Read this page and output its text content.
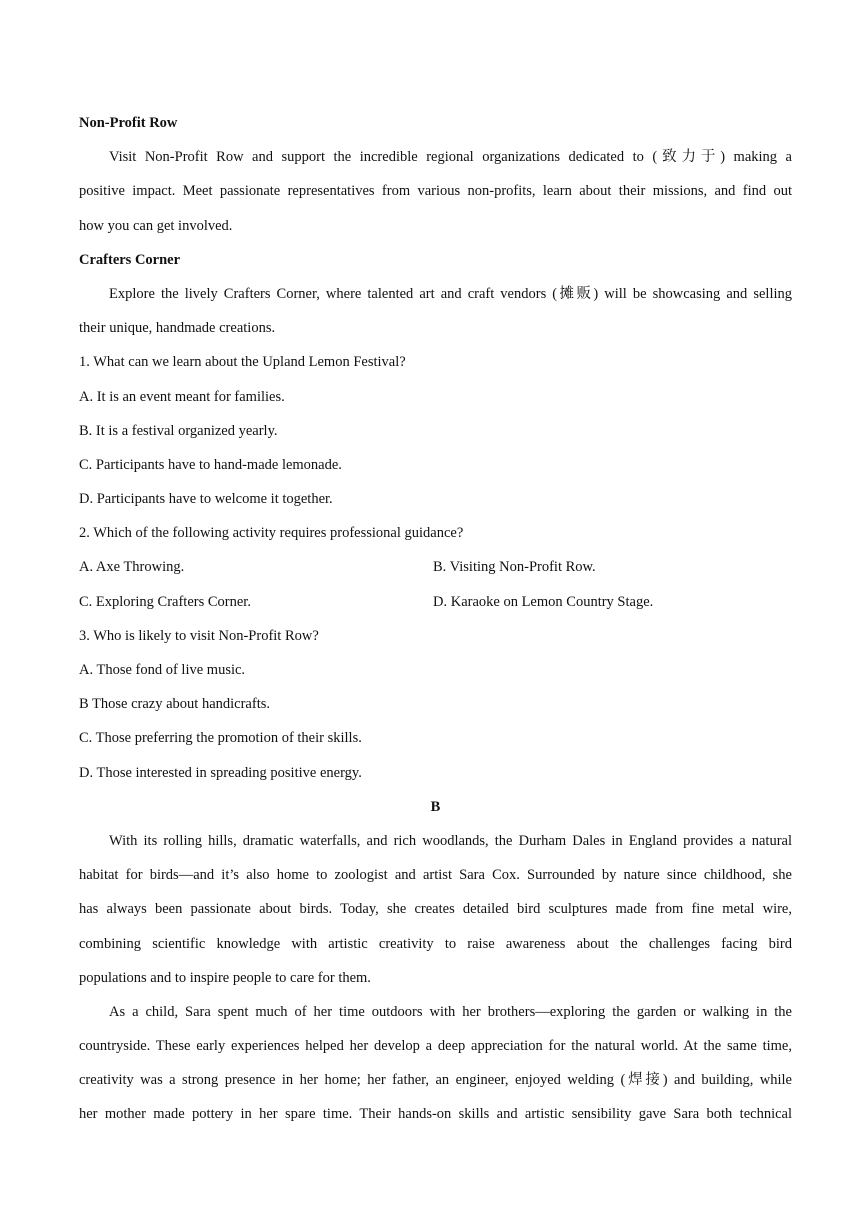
Non-Profit Row
Visit Non-Profit Row and support the incredible regional organizations dedicated to (致力于) making a
positive impact. Meet passionate representatives from various non-profits, learn about their missions, and find out
how you can get involved.
Crafters Corner
Explore the lively Crafters Corner, where talented art and craft vendors (摊贩) will be showcasing and selling
their unique, handmade creations.
1. What can we learn about the Upland Lemon Festival?
A. It is an event meant for families.
B. It is a festival organized yearly.
C. Participants have to hand-made lemonade.
D. Participants have to welcome it together.
2. Which of the following activity requires professional guidance?
A. Axe Throwing.	B. Visiting Non-Profit Row.
C. Exploring Crafters Corner.	D. Karaoke on Lemon Country Stage.
3. Who is likely to visit Non-Profit Row?
A. Those fond of live music.
B Those crazy about handicrafts.
C. Those preferring the promotion of their skills.
D. Those interested in spreading positive energy.
B
With its rolling hills, dramatic waterfalls, and rich woodlands, the Durham Dales in England provides a natural
habitat for birds—and it’s also home to zoologist and artist Sara Cox. Surrounded by nature since childhood, she
has always been passionate about birds. Today, she creates detailed bird sculptures made from fine metal wire,
combining scientific knowledge with artistic creativity to raise awareness about the challenges facing bird
populations and to inspire people to care for them.
As a child, Sara spent much of her time outdoors with her brothers—exploring the garden or walking in the
countryside. These early experiences helped her develop a deep appreciation for the natural world. At the same time,
creativity was a strong presence in her home; her father, an engineer, enjoyed welding (焊接) and building, while
her mother made pottery in her spare time. Their hands-on skills and artistic sensibility gave Sara both technical
